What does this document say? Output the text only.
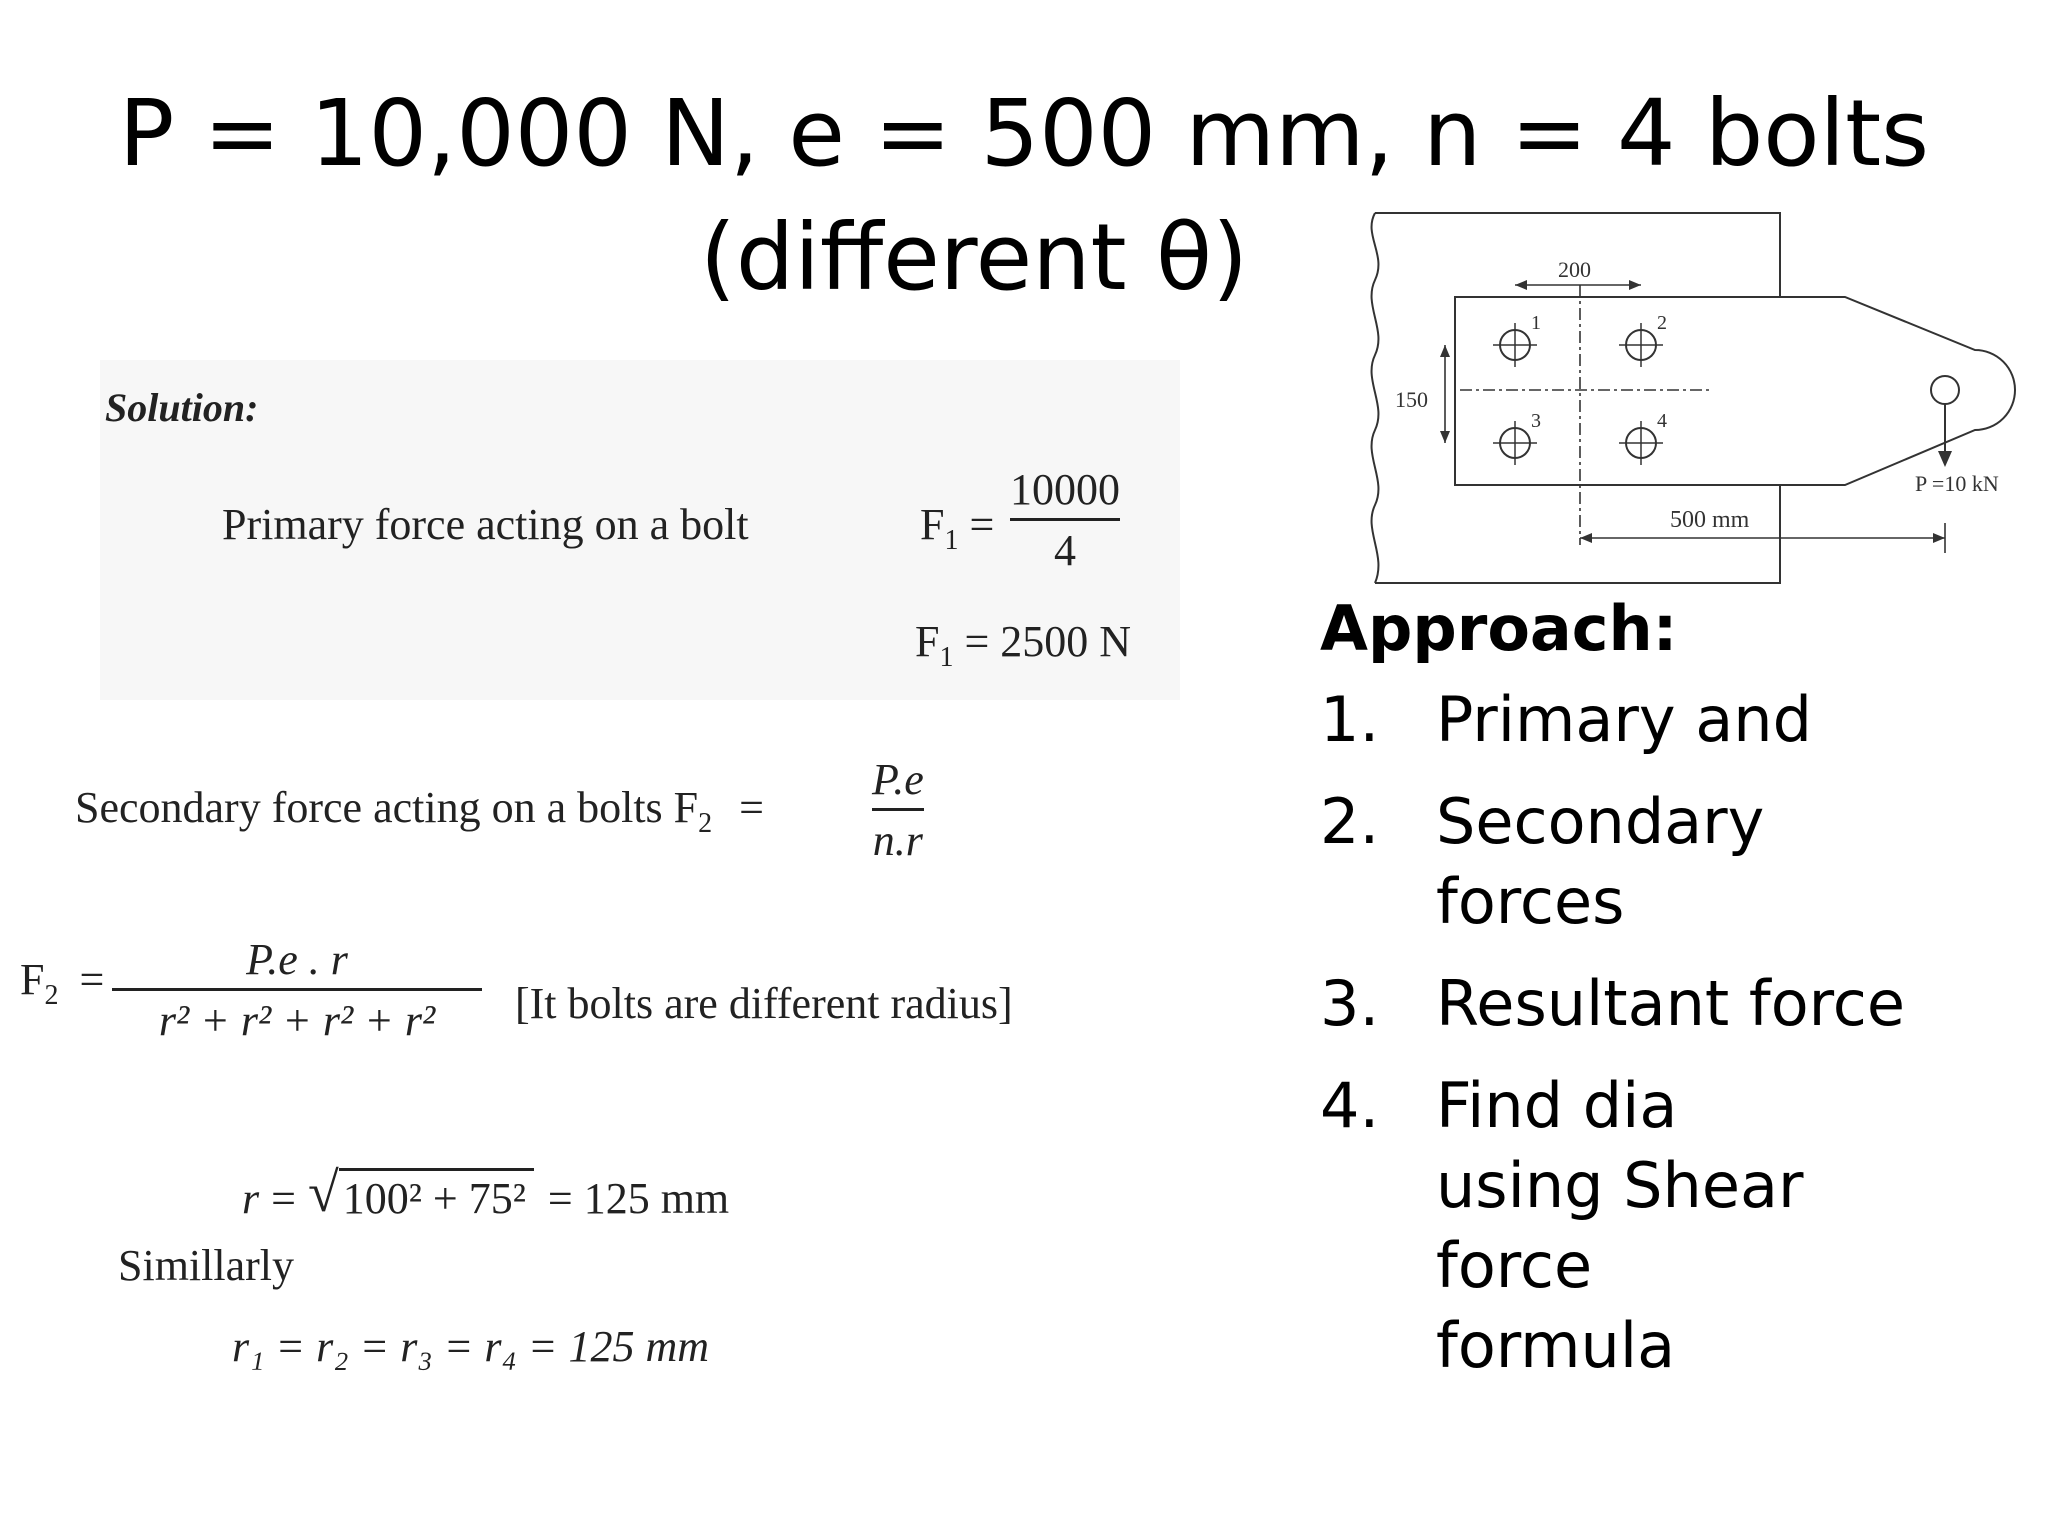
P = 10,000 N, e = 500 mm, n = 4 bolts
(different θ)
1	2
3	4
P =10 kN
200
150
500 mm
Solution:
Primary force acting on a bolt	$F_1$ =
10000
4
$F_1 = 2500$ N
Secondary force acting on a bolts $F_2$ =
P.e
n.r
$F_2$ =	P.e . r
r² + r² + r² + r² [It bolts are different radius]
r = √ 100² + 75² = 125 mm
Simillarly
r₁ = r₂ = r₃ = r₄ = 125 mm
Approach:
1. Primary and
2. Secondary forces
3. Resultant force
4. Find dia using Shear force formula
